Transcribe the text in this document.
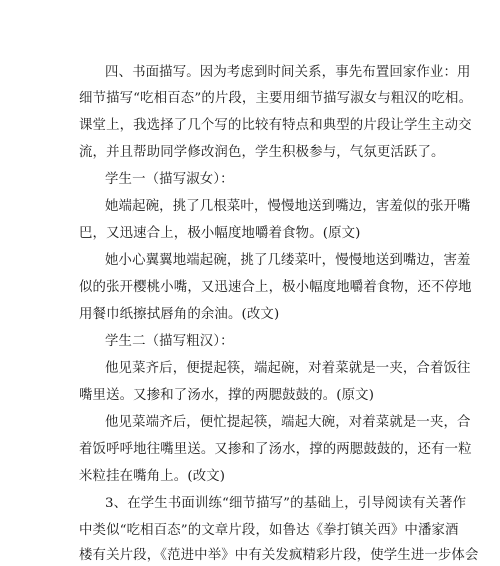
四、书面描写。因为考虑到时间关系，事先布置回家作业：用
细节描写“吃相百态”的片段，主要用细节描写淑女与粗汉的吃相。
课堂上，我选择了几个写的比较有特点和典型的片段让学生主动交
流，并且帮助同学修改润色，学生积极参与，气氛更活跃了。
学生一（描写淑女）：
她端起碗，挑了几根菜叶，慢慢地送到嘴边，害羞似的张开嘴
巴，又迅速合上，极小幅度地嚼着食物。(原文)
她小心翼翼地端起碗，挑了几缕菜叶，慢慢地送到嘴边，害羞
似的张开樱桃小嘴，又迅速合上，极小幅度地嚼着食物，还不停地
用餐巾纸擦拭唇角的余油。(改文)
学生二（描写粗汉）：
他见菜齐后，便提起筷，端起碗，对着菜就是一夹，合着饭往
嘴里送。又掺和了汤水，撑的两腮鼓鼓的。(原文)
他见菜端齐后，便忙提起筷，端起大碗，对着菜就是一夹，合
着饭呼呼地往嘴里送。又掺和了汤水，撑的两腮鼓鼓的，还有一粒
米粒挂在嘴角上。(改文)
3、在学生书面训练“细节描写”的基础上，引导阅读有关著作
中类似“吃相百态”的文章片段，如鲁达《拳打镇关西》中潘家酒
楼有关片段，《范进中举》中有关发疯精彩片段，使学生进一步体会
